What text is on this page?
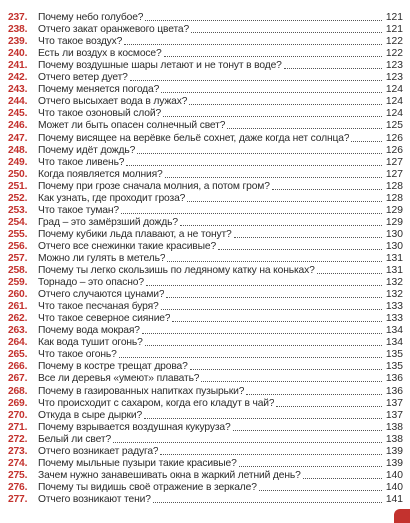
237.	Почему небо голубое?	121
238.	Отчего закат оранжевого цвета?	121
239.	Что такое воздух?	122
240.	Есть ли воздух в космосе?	122
241.	Почему воздушные шары летают и не тонут в воде?	123
242.	Отчего ветер дует?	123
243.	Почему меняется погода?	124
244.	Отчего высыхает вода в лужах?	124
245.	Что такое озоновый слой?	124
246.	Может ли быть опасен солнечный свет?	125
247.	Почему висящее на верёвке бельё сохнет, даже когда нет солнца?	126
248.	Почему идёт дождь?	126
249.	Что такое ливень?	127
250.	Когда появляется молния?	127
251.	Почему при грозе сначала молния, а потом гром?	128
252.	Как узнать, где проходит гроза?	128
253.	Что такое туман?	129
254.	Град – это замёрзший дождь?	129
255.	Почему кубики льда плавают, а не тонут?	130
256.	Отчего все снежинки такие красивые?	130
257.	Можно ли гулять в метель?	131
258.	Почему ты легко скользишь по ледяному катку на коньках?	131
259.	Торнадо – это опасно?	132
260.	Отчего случаются цунами?	132
261.	Что такое песчаная буря?	133
262.	Что такое северное сияние?	133
263.	Почему вода мокрая?	134
264.	Как вода тушит огонь?	134
265.	Что такое огонь?	135
266.	Почему в костре трещат дрова?	135
267.	Все ли деревья «умеют» плавать?	136
268.	Почему в газированных напитках пузырьки?	136
269.	Что происходит с сахаром, когда его кладут в чай?	137
270.	Откуда в сыре дырки?	137
271.	Почему взрывается воздушная кукуруза?	138
272.	Белый ли свет?	138
273.	Отчего возникает радуга?	139
274.	Почему мыльные пузыри такие красивые?	139
275.	Зачем нужно занавешивать окна в жаркий летний день?	140
276.	Почему ты видишь своё отражение в зеркале?	140
277.	Отчего возникают тени?	141
